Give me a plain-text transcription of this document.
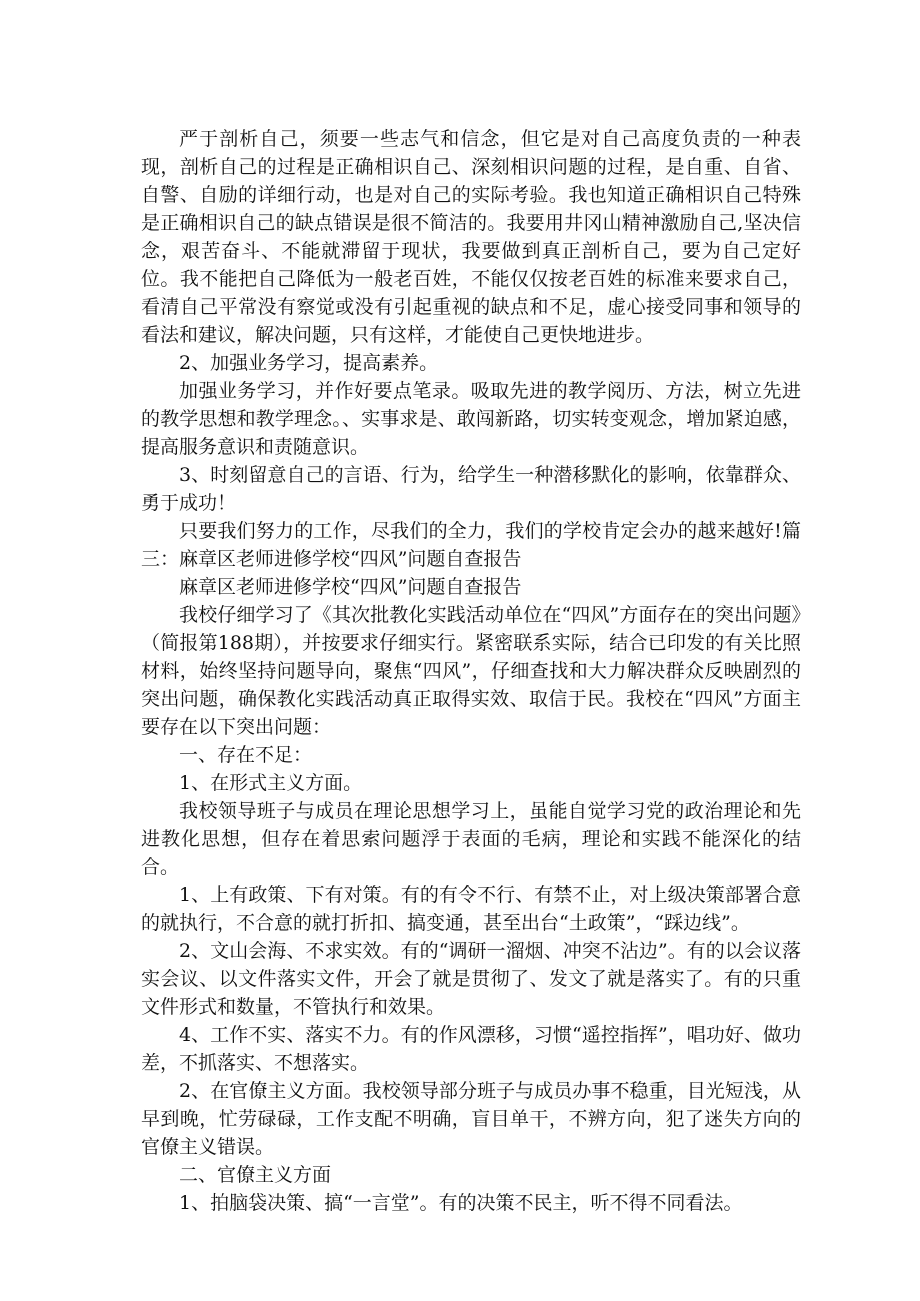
严于剖析自己，须要一些志气和信念，但它是对自己高度负责的一种表现，剖析自己的过程是正确相识自己、深刻相识问题的过程，是自重、自省、自警、自励的详细行动，也是对自己的实际考验。我也知道正确相识自己特殊是正确相识自己的缺点错误是很不简洁的。我要用井冈山精神激励自己,坚决信念，艰苦奋斗、不能就滞留于现状，我要做到真正剖析自己，要为自己定好位。我不能把自己降低为一般老百姓，不能仅仅按老百姓的标准来要求自己，看清自己平常没有察觉或没有引起重视的缺点和不足，虚心接受同事和领导的看法和建议，解决问题，只有这样，才能使自己更快地进步。

2、加强业务学习，提高素养。

加强业务学习，并作好要点笔录。吸取先进的教学阅历、方法，树立先进的教学思想和教学理念。、实事求是、敢闯新路，切实转变观念，增加紧迫感，提高服务意识和责随意识。

3、时刻留意自己的言语、行为，给学生一种潜移默化的影响，依靠群众、勇于成功！

只要我们努力的工作，尽我们的全力，我们的学校肯定会办的越来越好!篇三：麻章区老师进修学校“四风”问题自查报告

麻章区老师进修学校“四风”问题自查报告

我校仔细学习了《其次批教化实践活动单位在“四风”方面存在的突出问题》（简报第188期），并按要求仔细实行。紧密联系实际，结合已印发的有关比照材料，始终坚持问题导向，聚焦“四风”，仔细查找和大力解决群众反映剧烈的突出问题，确保教化实践活动真正取得实效、取信于民。我校在“四风”方面主要存在以下突出问题：

一、存在不足：

1、在形式主义方面。

我校领导班子与成员在理论思想学习上，虽能自觉学习党的政治理论和先进教化思想，但存在着思索问题浮于表面的毛病，理论和实践不能深化的结合。

1、上有政策、下有对策。有的有令不行、有禁不止，对上级决策部署合意的就执行，不合意的就打折扣、搞变通，甚至出台“土政策”，“踩边线”。

2、文山会海、不求实效。有的“调研一溜烟、冲突不沾边”。有的以会议落实会议、以文件落实文件，开会了就是贯彻了、发文了就是落实了。有的只重文件形式和数量，不管执行和效果。

4、工作不实、落实不力。有的作风漂移，习惯“遥控指挥”，唱功好、做功差，不抓落实、不想落实。

2、在官僚主义方面。我校领导部分班子与成员办事不稳重，目光短浅，从早到晚，忙劳碌碌，工作支配不明确，盲目单干，不辨方向，犯了迷失方向的官僚主义错误。

二、官僚主义方面

1、拍脑袋决策、搞“一言堂”。有的决策不民主，听不得不同看法。
